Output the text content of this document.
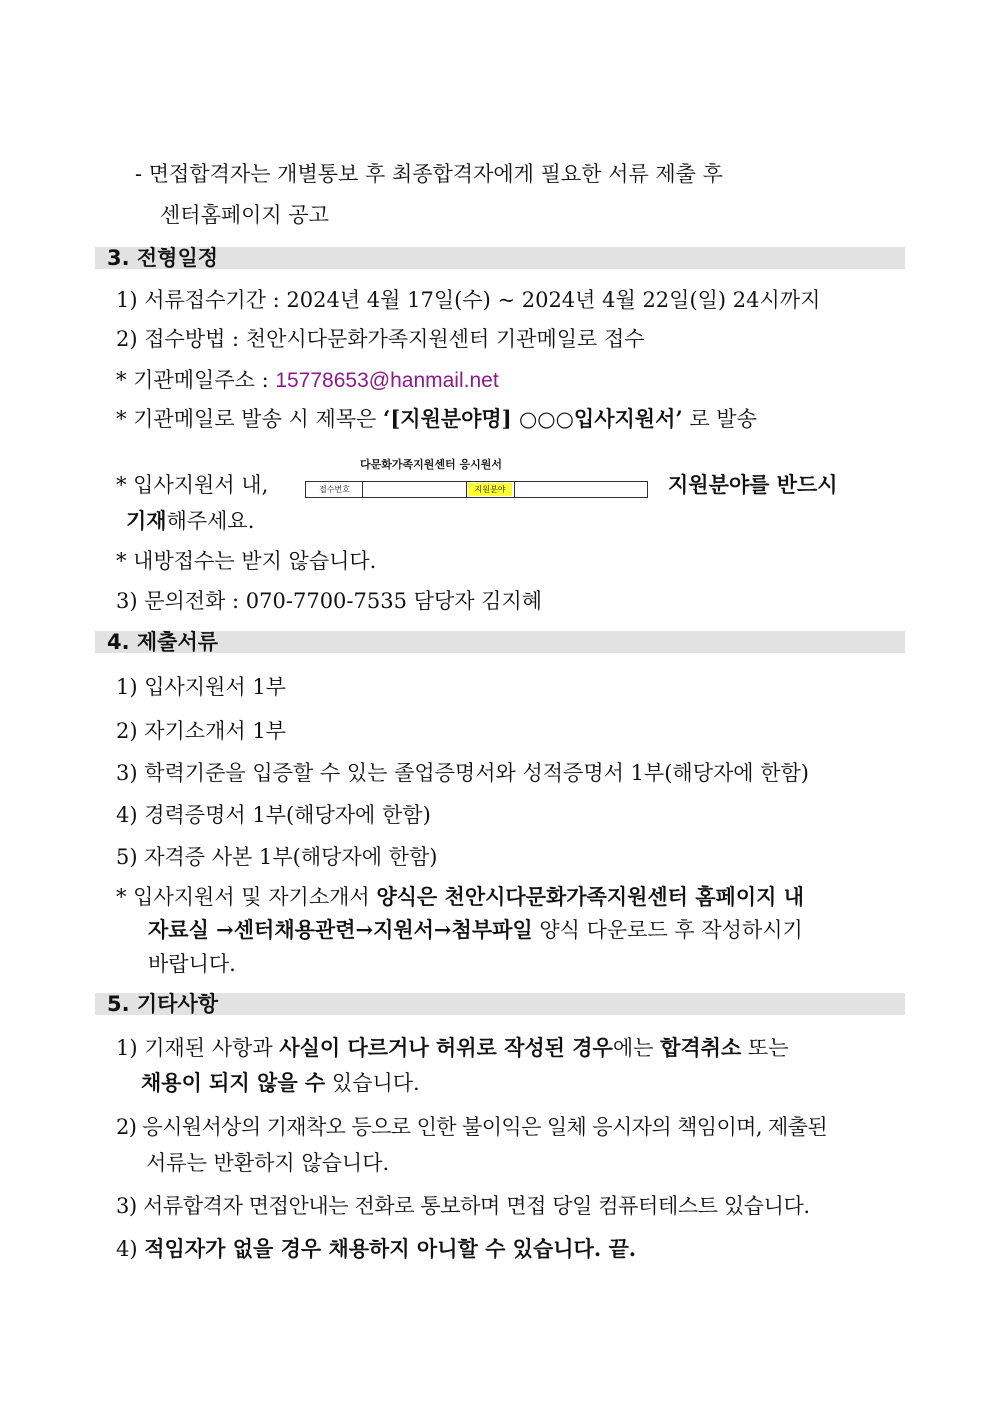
- 면접합격자는 개별통보 후 최종합격자에게 필요한 서류 제출 후
센터홈페이지 공고
3. 전형일정
1) 서류접수기간 : 2024년 4월 17일(수) ~ 2024년 4월 22일(일) 24시까지
2) 접수방법 : 천안시다문화가족지원센터 기관메일로 접수
* 기관메일주소 : 15778653@hanmail.net
* 기관메일로 발송 시 제목은 ‘[지원분야명] ○○○입사지원서’ 로 발송
* 입사지원서 내,
다문화가족지원센터 응시원서
접수번호	지원분야	지원분야를 반드시
기재해주세요.
* 내방접수는 받지 않습니다.
3) 문의전화 : 070-7700-7535 담당자 김지혜
4. 제출서류
1) 입사지원서 1부
2) 자기소개서 1부
3) 학력기준을 입증할 수 있는 졸업증명서와 성적증명서 1부(해당자에 한함)
4) 경력증명서 1부(해당자에 한함)
5) 자격증 사본 1부(해당자에 한함)
* 입사지원서 및 자기소개서 양식은 천안시다문화가족지원센터 홈페이지 내
자료실 →센터채용관련→지원서→첨부파일 양식 다운로드 후 작성하시기
바랍니다.
5. 기타사항
1) 기재된 사항과 사실이 다르거나 허위로 작성된 경우에는 합격취소 또는
채용이 되지 않을 수 있습니다.
2) 응시원서상의 기재착오 등으로 인한 불이익은 일체 응시자의 책임이며, 제출된
서류는 반환하지 않습니다.
3) 서류합격자 면접안내는 전화로 통보하며 면접 당일 컴퓨터테스트 있습니다.
4) 적임자가 없을 경우 채용하지 아니할 수 있습니다. 끝.
